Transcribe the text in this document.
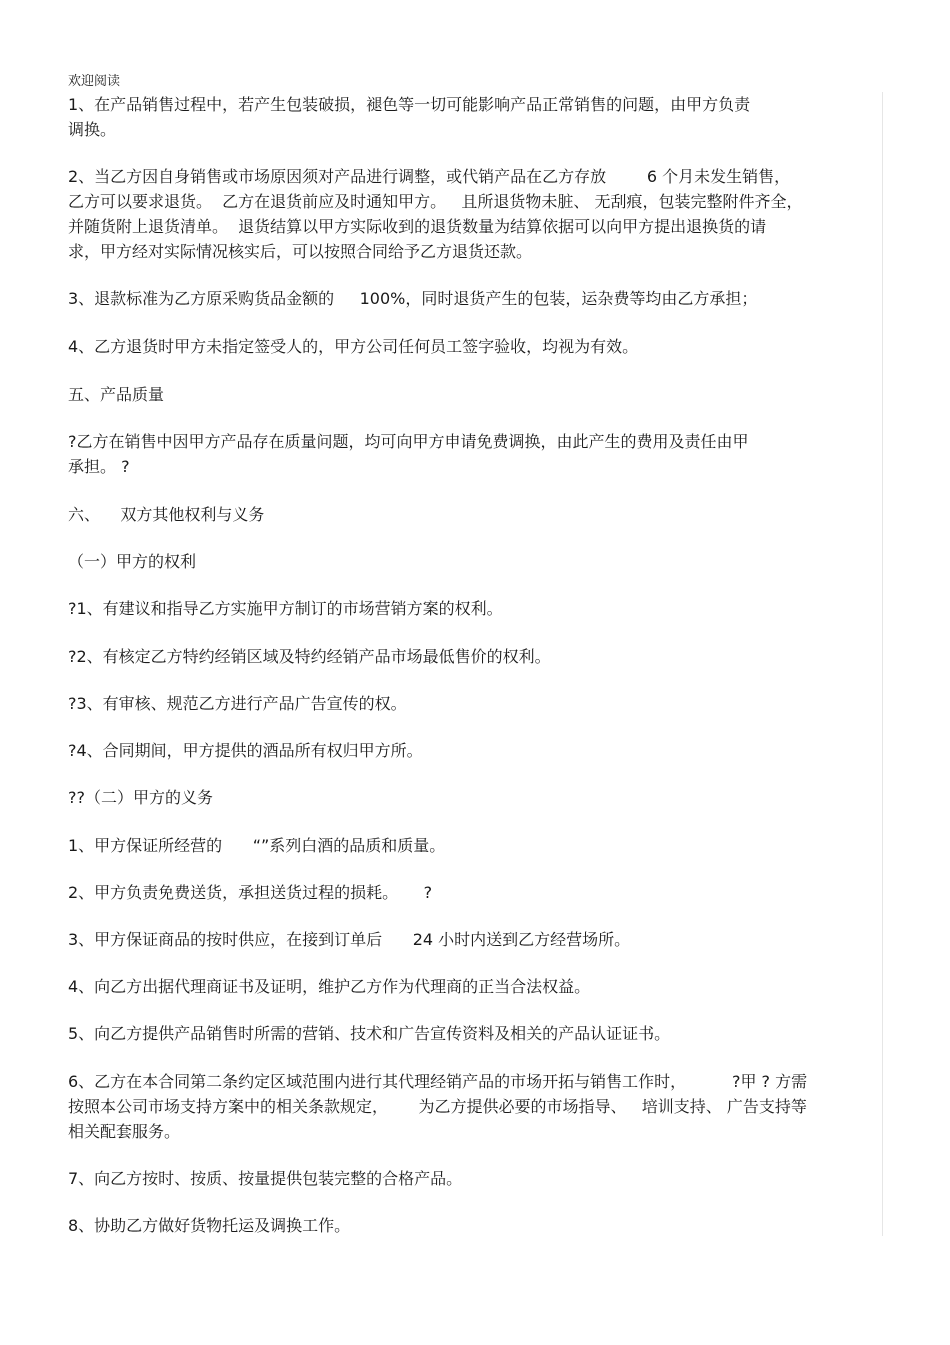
欢迎阅读
1、在产品销售过程中，若产生包装破损，褪色等一切可能影响产品正常销售的问题，由甲方负责
调换。
2、当乙方因自身销售或市场原因须对产品进行调整，或代销产品在乙方存放        6 个月未发生销售，
乙方可以要求退货。  乙方在退货前应及时通知甲方。   且所退货物未脏、 无刮痕，包装完整附件齐全，
并随货附上退货清单。  退货结算以甲方实际收到的退货数量为结算依据可以向甲方提出退换货的请
求，甲方经对实际情况核实后，可以按照合同给予乙方退货还款。
3、退款标准为乙方原采购货品金额的     100%，同时退货产生的包装，运杂费等均由乙方承担；
4、乙方退货时甲方未指定签受人的，甲方公司任何员工签字验收，均视为有效。
五、产品质量
?乙方在销售中因甲方产品存在质量问题，均可向甲方申请免费调换，由此产生的费用及责任由甲
承担。 ?
六、    双方其他权利与义务
（一）甲方的权利
?1、有建议和指导乙方实施甲方制订的市场营销方案的权利。
?2、有核定乙方特约经销区域及特约经销产品市场最低售价的权利。
?3、有审核、规范乙方进行产品广告宣传的权。
?4、合同期间，甲方提供的酒品所有权归甲方所。
??（二）甲方的义务
1、甲方保证所经营的      “”系列白酒的品质和质量。
2、甲方负责免费送货，承担送货过程的损耗。     ?
3、甲方保证商品的按时供应，在接到订单后      24 小时内送到乙方经营场所。
4、向乙方出据代理商证书及证明，维护乙方作为代理商的正当合法权益。
5、向乙方提供产品销售时所需的营销、技术和广告宣传资料及相关的产品认证证书。
6、乙方在本合同第二条约定区域范围内进行其代理经销产品的市场开拓与销售工作时，         ?甲 ? 方需
按照本公司市场支持方案中的相关条款规定，      为乙方提供必要的市场指导、   培训支持、 广告支持等
相关配套服务。
7、向乙方按时、按质、按量提供包装完整的合格产品。
8、协助乙方做好货物托运及调换工作。
